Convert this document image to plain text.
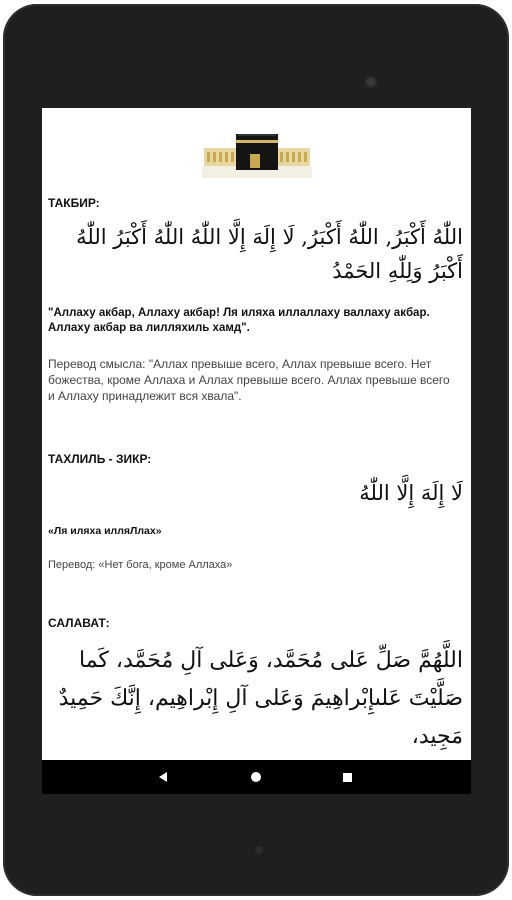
ТАКБИР:
اللّٰهُ أَكْبَرُ, اللّٰهُ أَكْبَرُ, لَا إِلَهَ إِلَّا اللّٰهُ اللّٰهُ أَكْبَرُ اللّٰهُ أَكْبَرُ وَلِلّٰهِ الحَمْدُ
"Аллаху акбар, Аллаху акбар! Ля иляха иллаллаху валлаху акбар. Аллаху акбар ва лилляхиль хамд".
Перевод смысла: "Аллах превыше всего, Аллах превыше всего. Нет божества, кроме Аллаха и Аллах превыше всего. Аллах превыше всего и Аллаху принадлежит вся хвала".
ТАХЛИЛЬ - ЗИКР:
لَا إِلَهَ إِلَّا اللّٰهُ
«Ля иляха илляЛлах»
Перевод: «Нет бога, кроме Аллаха»
САЛАВАТ:
اللَّهُمَّ صَلِّ عَلى مُحَمَّد، وَعَلى آلِ مُحَمَّد، كَما صَلَّيْتَ عَلىإِبْراهِيمَ وَعَلى آلِ إِبْراهِيم، إِنَّكَ حَمِيدٌ مَجِيد،
